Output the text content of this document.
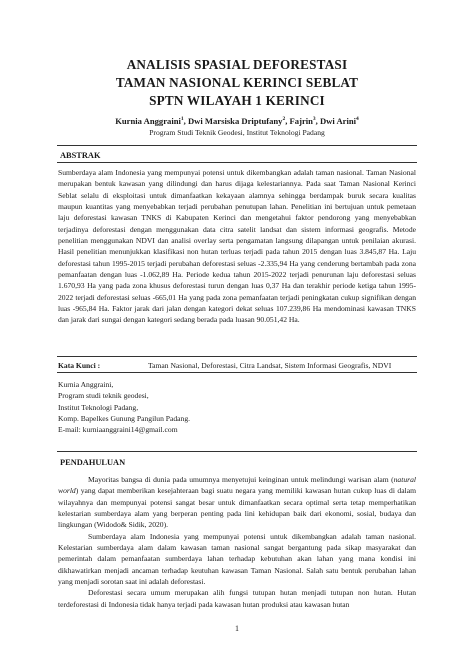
ANALISIS SPASIAL DEFORESTASI
TAMAN NASIONAL KERINCI SEBLAT
SPTN WILAYAH 1 KERINCI
Kurnia Anggraini$^1$, Dwi Marsiska Driptufany$^2$, Fajrin$^3$, Dwi Arini$^4$
Program Studi Teknik Geodesi, Institut Teknologi Padang
ABSTRAK
Sumberdaya alam Indonesia yang mempunyai potensi untuk dikembangkan adalah taman nasional. Taman Nasional merupakan bentuk kawasan yang dilindungi dan harus dijaga kelestariannya. Pada saat Taman Nasional Kerinci Seblat selalu di eksploitasi untuk dimanfaatkan kekayaan alamnya sehingga berdampak buruk secara kualitas maupun kuantitas yang menyebabkan terjadi perubahan penutupan lahan. Penelitian ini bertujuan untuk pemetaan laju deforestasi kawasan TNKS di Kabupaten Kerinci dan mengetahui faktor pendorong yang menyebabkan terjadinya deforestasi dengan menggunakan data citra satelit landsat dan sistem informasi geografis. Metode penelitian menggunakan NDVI dan analisi overlay serta pengamatan langsung dilapangan untuk penilaian akurasi. Hasil penelitian menunjukkan klasifikasi non hutan terluas terjadi pada tahun 2015 dengan luas 3.845,87 Ha. Laju deforestasi tahun 1995-2015 terjadi perubahan deforestasi seluas -2.335,94 Ha yang cenderung bertambah pada zona pemanfaatan dengan luas -1.062,89 Ha. Periode kedua tahun 2015-2022 terjadi penurunan laju deforestasi seluas 1.670,93 Ha yang pada zona khusus deforestasi turun dengan luas 0,37 Ha dan terakhir periode ketiga tahun 1995-2022 terjadi deforestasi seluas -665,01 Ha yang pada zona pemanfaatan terjadi peningkatan cukup signifikan dengan luas -965,84 Ha. Faktor jarak dari jalan dengan kategori dekat seluas 107.239,86 Ha mendominasi kawasan TNKS dan jarak dari sungai dengan kategori sedang berada pada luasan 90.051,42 Ha.
Kata Kunci :	Taman Nasional, Deforestasi, Citra Landsat, Sistem Informasi Geografis, NDVI
Kurnia Anggraini,
Program studi teknik geodesi,
Institut Teknologi Padang,
Komp. Bapelkes Gunung Pangilun Padang.
E-mail: kurniaanggraini14@gmail.com
PENDAHULUAN

Mayoritas bangsa di dunia pada umumnya menyetujui keinginan untuk melindungi warisan alam (natural world) yang dapat memberikan kesejahteraan bagi suatu negara yang memiliki kawasan hutan cukup luas di dalam wilayahnya dan mempunyai potensi sangat besar untuk dimanfaatkan secara optimal serta tetap memperhatikan kelestarian sumberdaya alam yang berperan penting pada lini kehidupan baik dari ekonomi, sosial, budaya dan lingkungan (Widodo& Sidik, 2020).

Sumberdaya alam Indonesia yang mempunyai potensi untuk dikembangkan adalah taman nasional. Kelestarian sumberdaya alam dalam kawasan taman nasional sangat bergantung pada sikap masyarakat dan pemerintah dalam pemanfaatan sumberdaya lahan terhadap kebutuhan akan lahan yang mana kondisi ini dikhawatirkan menjadi ancaman terhadap keutuhan kawasan Taman Nasional. Salah satu bentuk perubahan lahan yang menjadi sorotan saat ini adalah deforestasi.

Deforestasi secara umum merupakan alih fungsi tutupan hutan menjadi tutupan non hutan. Hutan terdeforestasi di Indonesia tidak hanya terjadi pada kawasan hutan produksi atau kawasan hutan

1
